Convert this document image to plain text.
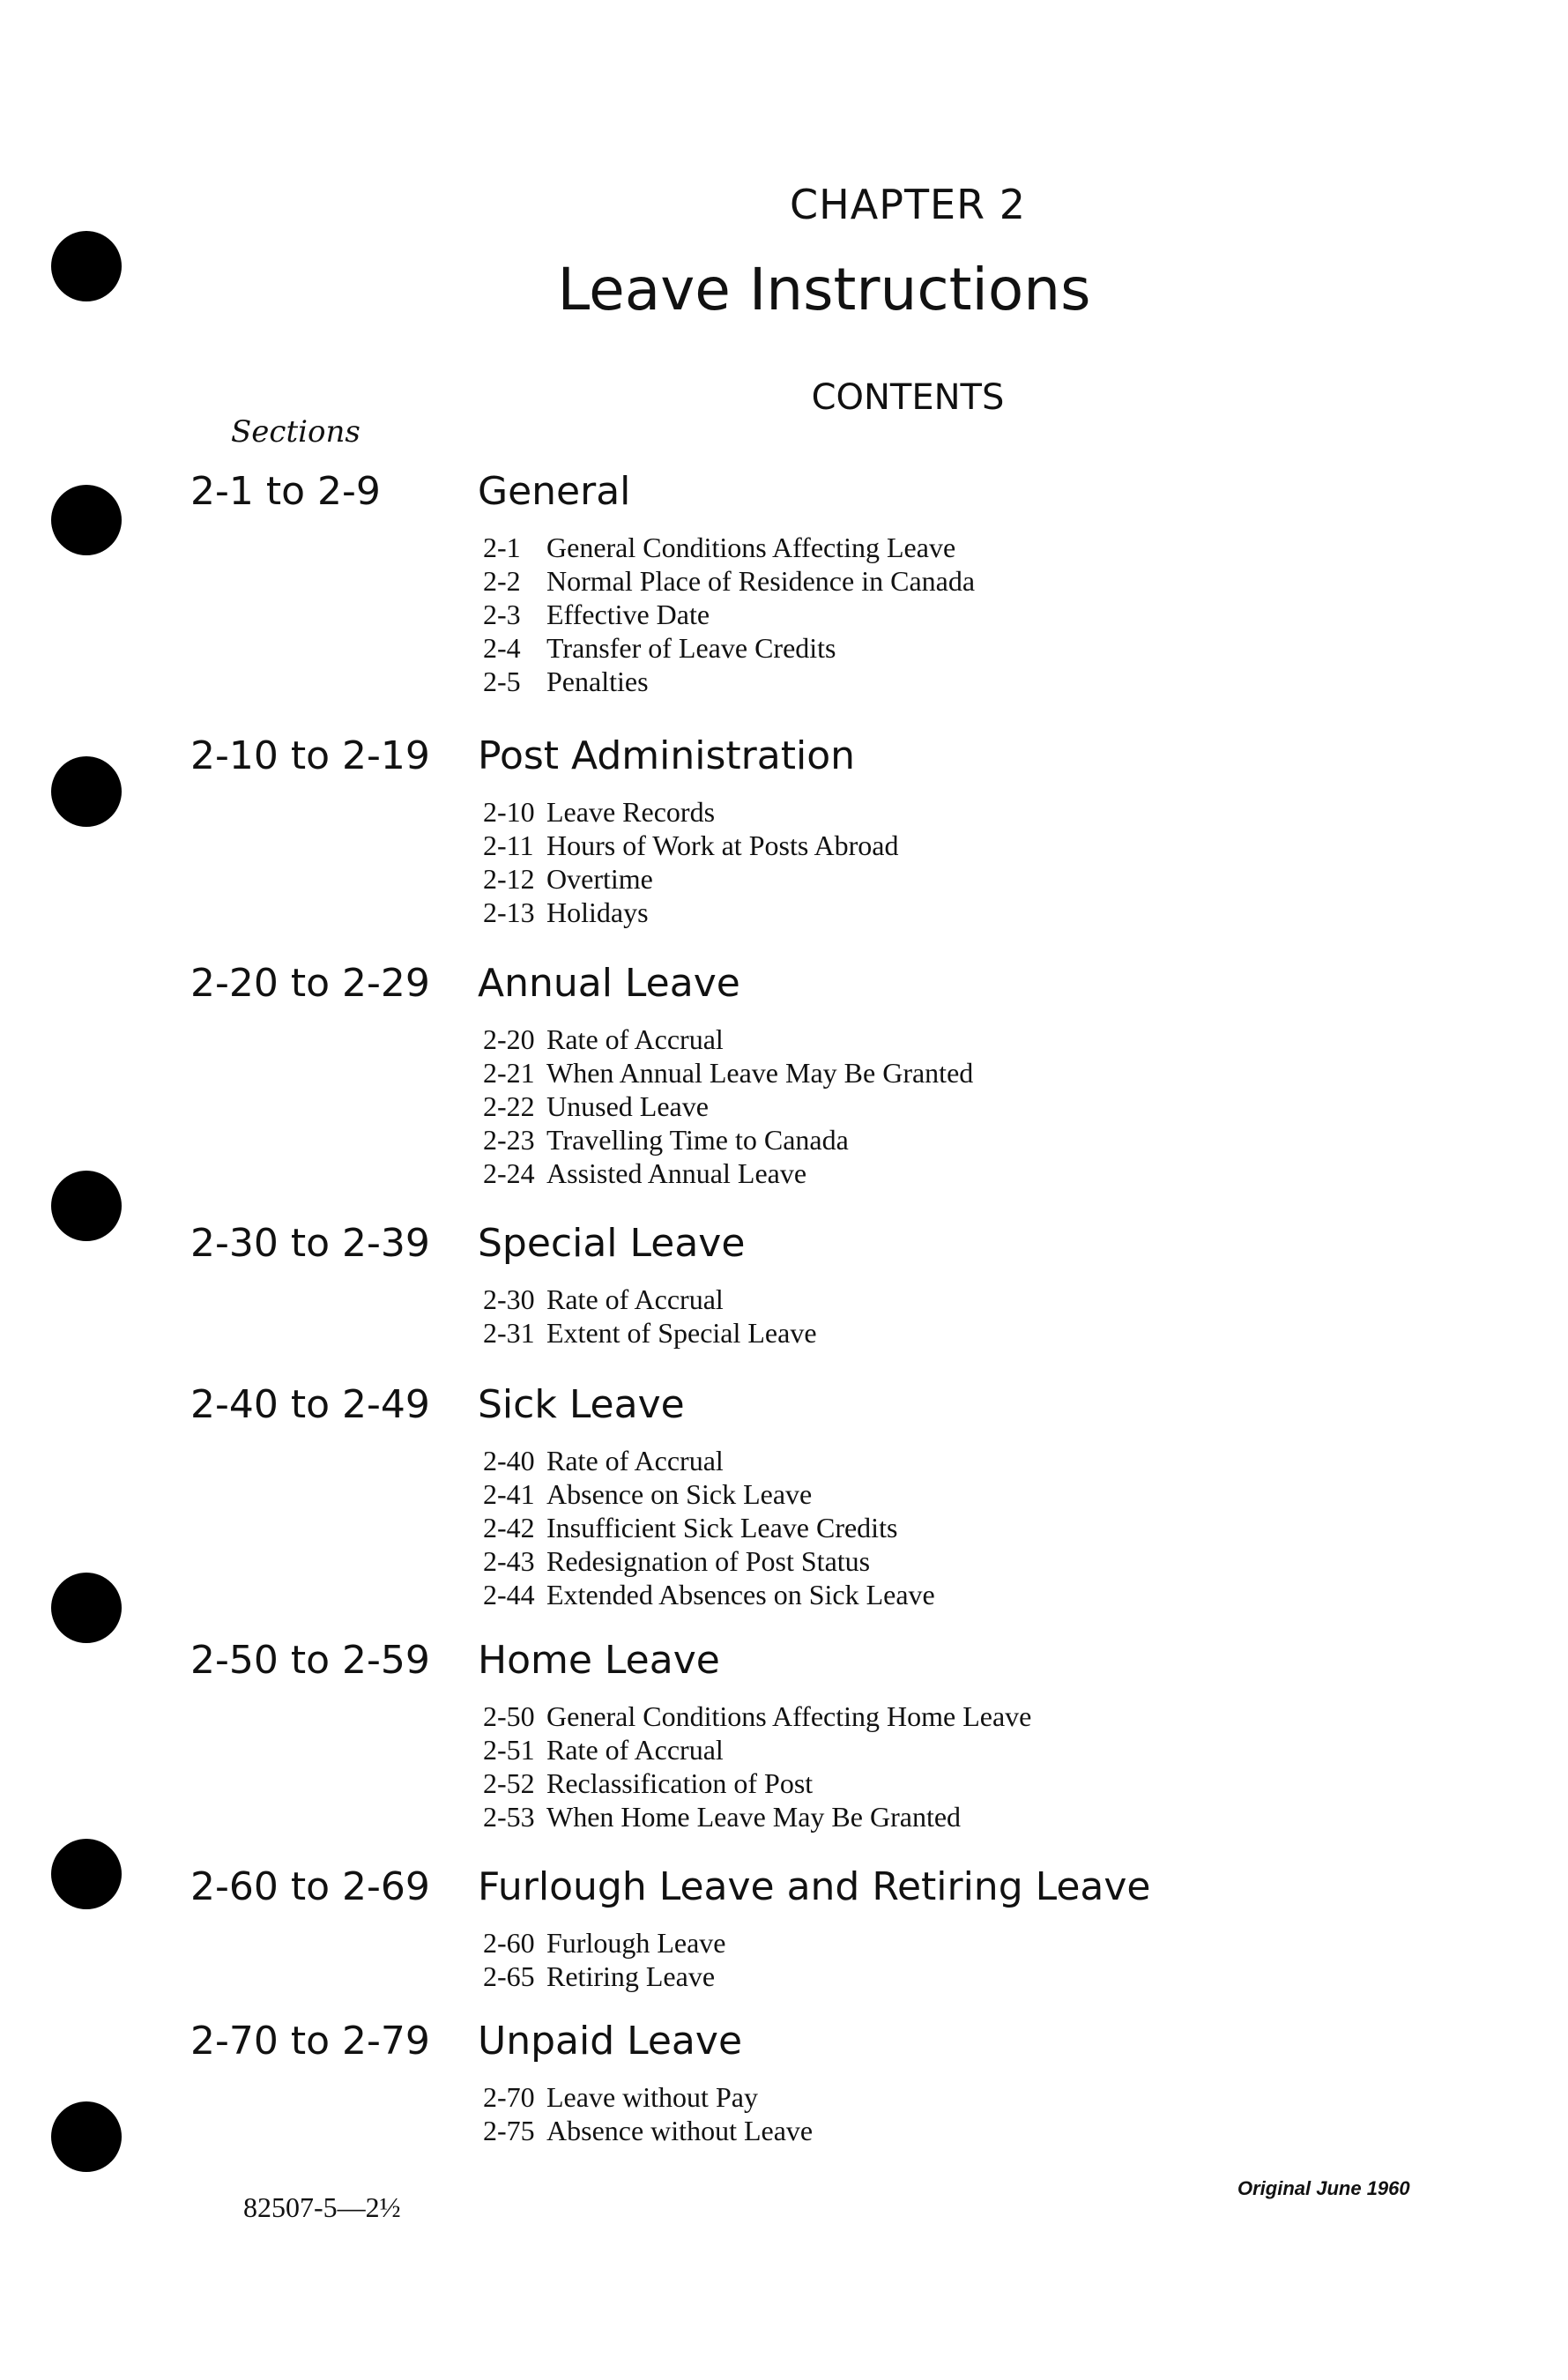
CHAPTER 2
Leave Instructions
CONTENTS
Sections
2-1 to 2-9	General
2-1 General Conditions Affecting Leave
2-2 Normal Place of Residence in Canada
2-3 Effective Date
2-4 Transfer of Leave Credits
2-5 Penalties
2-10 to 2-19 Post Administration
2-10 Leave Records
2-11 Hours of Work at Posts Abroad
2-12 Overtime
2-13 Holidays
2-20 to 2-29 Annual Leave
2-20 Rate of Accrual
2-21 When Annual Leave May Be Granted
2-22 Unused Leave
2-23 Travelling Time to Canada
2-24 Assisted Annual Leave
2-30 to 2-39 Special Leave
2-30 Rate of Accrual
2-31 Extent of Special Leave
2-40 to 2-49 Sick Leave
2-40 Rate of Accrual
2-41 Absence on Sick Leave
2-42 Insufficient Sick Leave Credits
2-43 Redesignation of Post Status
2-44 Extended Absences on Sick Leave
2-50 to 2-59 Home Leave
2-50 General Conditions Affecting Home Leave
2-51 Rate of Accrual
2-52 Reclassification of Post
2-53 When Home Leave May Be Granted
2-60 to 2-69 Furlough Leave and Retiring Leave
2-60 Furlough Leave
2-65 Retiring Leave
2-70 to 2-79 Unpaid Leave
2-70 Leave without Pay
2-75 Absence without Leave
82507-5—2½
Original June 1960
